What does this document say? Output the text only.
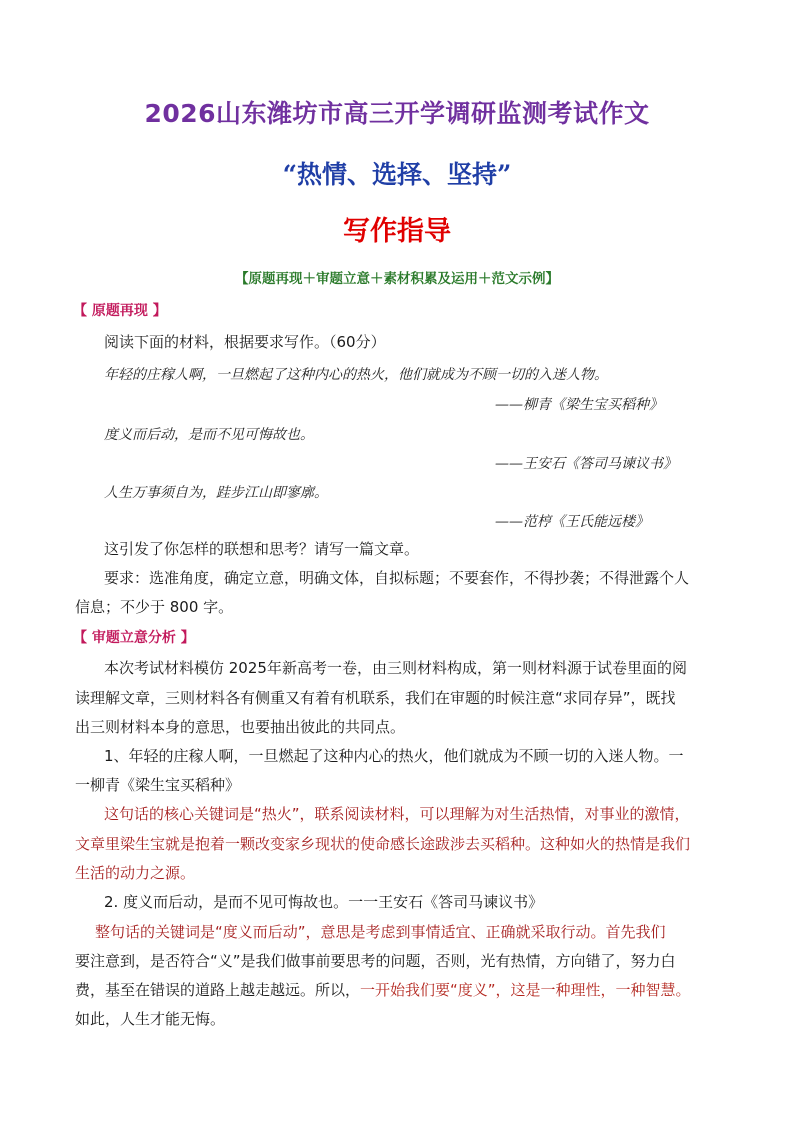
2026山东潍坊市高三开学调研监测考试作文
“热情、选择、坚持”
写作指导
【原题再现＋审题立意＋素材积累及运用＋范文示例】
【 原题再现 】
阅读下面的材料，根据要求写作。（60分）
年轻的庄稼人啊，一旦燃起了这种内心的热火，他们就成为不顾一切的入迷人物。
——柳青《梁生宝买稻种》
度义而后动，是而不见可悔故也。
——王安石《答司马谏议书》
人生万事须自为，跬步江山即寥廓。
——范梈《王氏能远楼》
这引发了你怎样的联想和思考？请写一篇文章。
要求：选准角度，确定立意，明确文体，自拟标题；不要套作，不得抄袭；不得泄露个人
信息；不少于 800 字。
【 审题立意分析 】
本次考试材料模仿 2025年新高考一卷，由三则材料构成，第一则材料源于试卷里面的阅
读理解文章，三则材料各有侧重又有着有机联系，我们在审题的时候注意“求同存异”，既找
出三则材料本身的意思，也要抽出彼此的共同点。
1、年轻的庄稼人啊，一旦燃起了这种内心的热火，他们就成为不顾一切的入迷人物。一
一柳青《梁生宝买稻种》
这句话的核心关键词是“热火”，联系阅读材料，可以理解为对生活热情，对事业的激情，
文章里梁生宝就是抱着一颗改变家乡现状的使命感长途跋涉去买稻种。这种如火的热情是我们
生活的动力之源。
2. 度义而后动，是而不见可悔故也。一一王安石《答司马谏议书》
整句话的关键词是“度义而后动”，意思是考虑到事情适宜、正确就采取行动。首先我们
要注意到，是否符合“义”是我们做事前要思考的问题，否则，光有热情，方向错了，努力白
费，基至在错误的道路上越走越远。所以，一开始我们要“度义”，这是一种理性，一种智慧。
如此，人生才能无悔。
